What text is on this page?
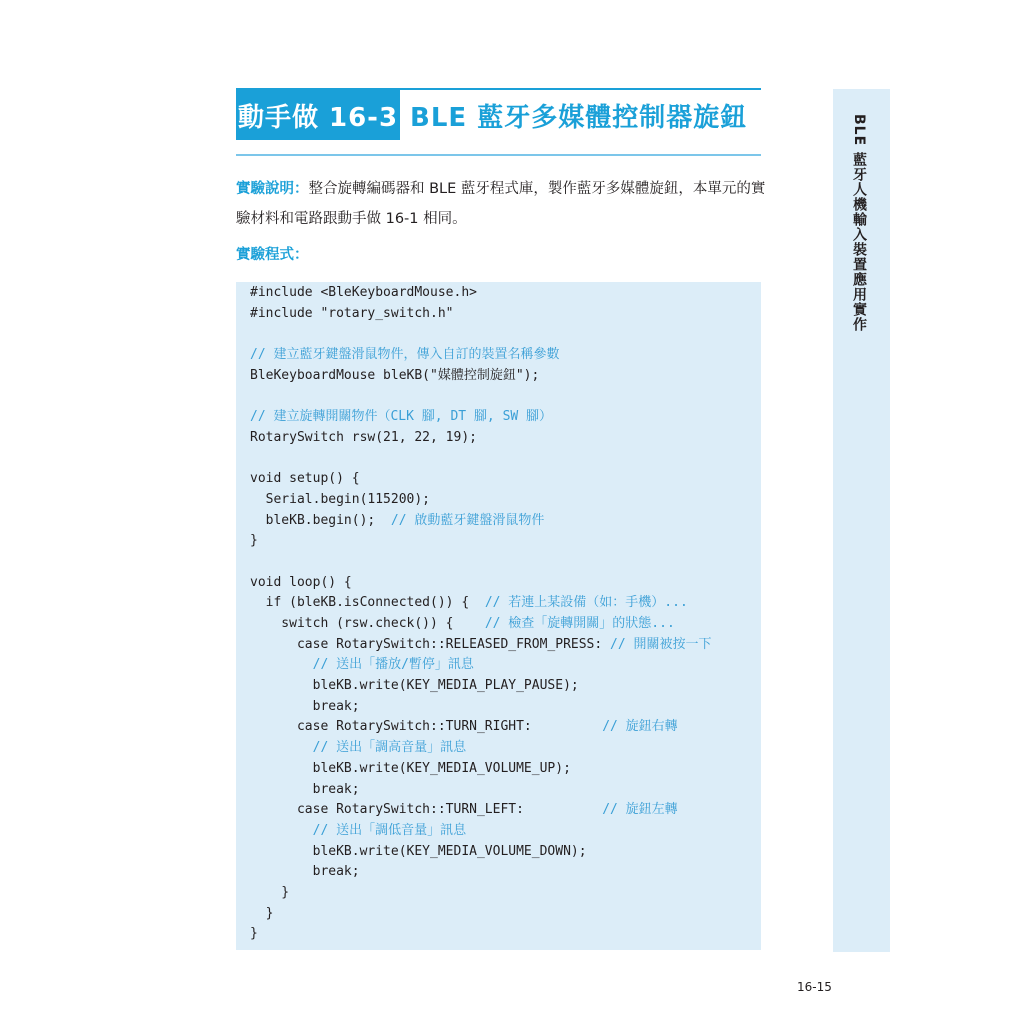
動手做 16-3 BLE 藍牙多媒體控制器旋鈕
實驗說明：整合旋轉編碼器和 BLE 藍牙程式庫，製作藍牙多媒體旋鈕，本單元的實驗材料和電路跟動手做 16-1 相同。
實驗程式：
#include <BleKeyboardMouse.h>
#include "rotary_switch.h"
// 建立藍牙鍵盤滑鼠物件，傳入自訂的裝置名稱參數
BleKeyboardMouse bleKB("媒體控制旋鈕");
// 建立旋轉開關物件（CLK 腳, DT 腳, SW 腳）
RotarySwitch rsw(21, 22, 19);
void setup() {
Serial.begin(115200);
bleKB.begin();  // 啟動藍牙鍵盤滑鼠物件
}
void loop() {
if (bleKB.isConnected()) {  // 若連上某設備（如：手機）...
switch (rsw.check()) {    // 檢查「旋轉開關」的狀態...
case RotarySwitch::RELEASED_FROM_PRESS: // 開關被按一下
// 送出「播放/暫停」訊息
bleKB.write(KEY_MEDIA_PLAY_PAUSE);
break;
case RotarySwitch::TURN_RIGHT:         // 旋鈕右轉
// 送出「調高音量」訊息
bleKB.write(KEY_MEDIA_VOLUME_UP);
break;
case RotarySwitch::TURN_LEFT:          // 旋鈕左轉
// 送出「調低音量」訊息
bleKB.write(KEY_MEDIA_VOLUME_DOWN);
break;
}
}
}
BLE 藍牙人機輸入裝置應用實作
16-15
